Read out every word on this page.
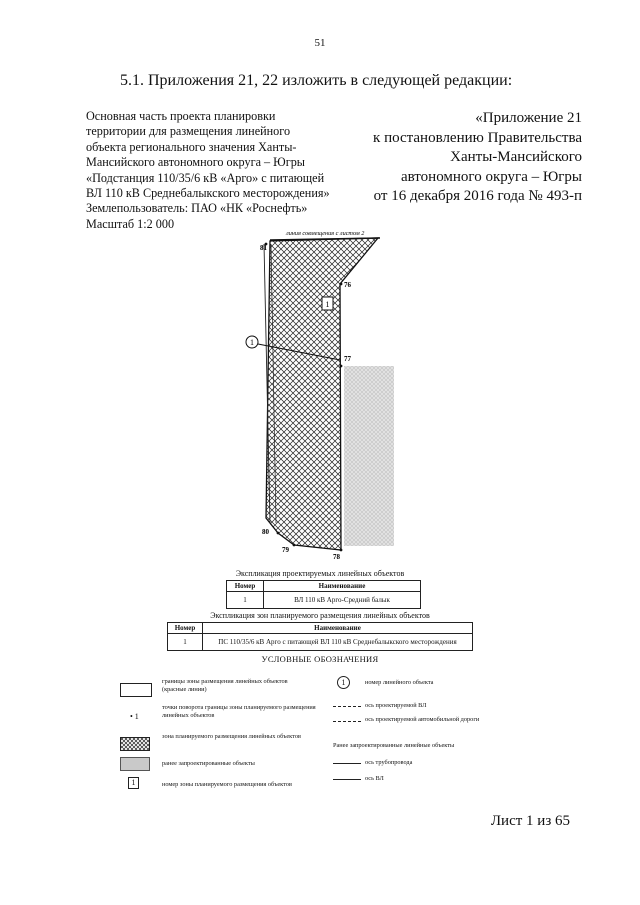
51
5.1. Приложения 21, 22 изложить в следующей редакции:
Основная часть проекта планировки
территории для размещения линейного
объекта регионального значения Ханты-
Мансийского автономного округа – Югры
«Подстанция 110/35/6 кВ «Арго» с питающей
ВЛ 110 кВ Среднебалыкского месторождения»
Землепользователь: ПАО «НК «Роснефть»
Масштаб 1:2 000
«Приложение 21
к постановлению Правительства
Ханты-Мансийского
автономного округа – Югры
от 16 декабря 2016 года № 493-п
линия совмещения с листом 2
1
1
81
76
77
80
79
78
Экспликация проектируемых линейных объектов
Номер	Наименование
1	ВЛ 110 кВ Арго-Средний балык
Экспликация зон планируемого размещения линейных объектов
Номер	Наименование
1	ПС 110/35/6 кВ Арго с питающей ВЛ 110 кВ Среднебалыкского месторождения
УСЛОВНЫЕ ОБОЗНАЧЕНИЯ
границы зоны размещения линейных объектов (красные линии)
• 1
точки поворота границы зоны планируемого размещения линейных объектов
зона планируемого размещения линейных объектов
ранее запроектированные объекты
1	номер зоны планируемого размещения объектов
1	номер линейного объекта
ось проектируемой ВЛ
ось проектируемой автомобильной дороги
Ранее запроектированные линейные объекты
ось трубопровода
ось ВЛ
Лист 1 из 65
